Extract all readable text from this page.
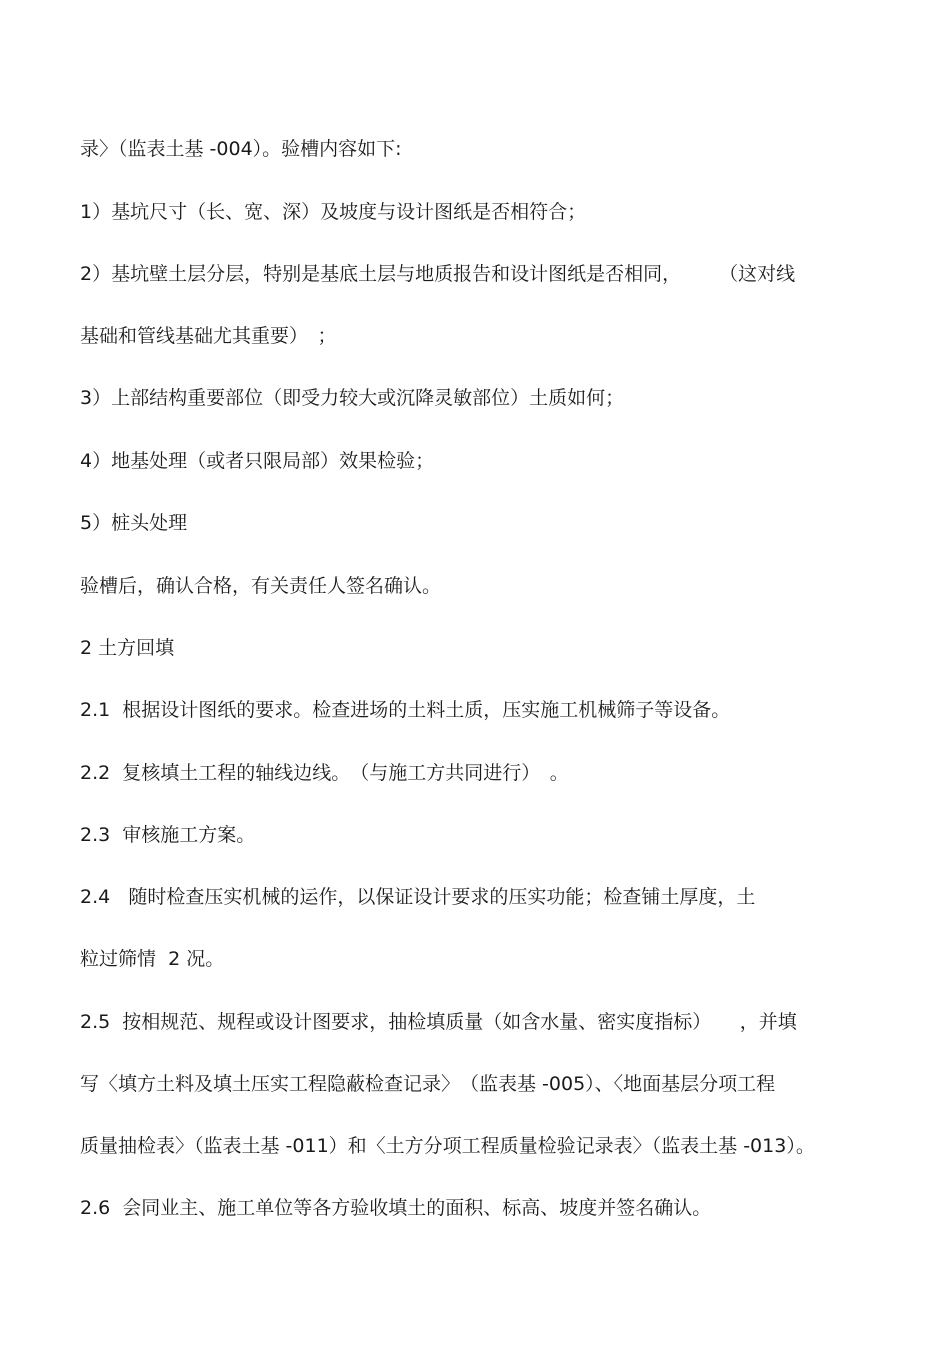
录〉（监表土基 -004）。验槽内容如下:
1）基坑尺寸（长、宽、深）及坡度与设计图纸是否相符合；
2）基坑壁土层分层，特别是基底土层与地质报告和设计图纸是否相同，　　　（这对线
基础和管线基础尤其重要）　；
3）上部结构重要部位（即受力较大或沉降灵敏部位）土质如何；
4）地基处理（或者只限局部）效果检验；
5）桩头处理
验槽后，确认合格，有关责任人签名确认。
2 土方回填
2.1  根据设计图纸的要求。检查进场的土料土质，压实施工机械筛子等设备。
2.2  复核填土工程的轴线边线。　（与施工方共同进行）　。
2.3  审核施工方案。
2.4   随时检查压实机械的运作，以保证设计要求的压实功能；检查铺土厚度，土
粒过筛情  2 况。
2.5  按相规范、规程或设计图要求，抽检填质量（如含水量、密实度指标）　　，并填
写〈填方土料及填土压实工程隐蔽检查记录〉　（监表基 -005）、〈地面基层分项工程
质量抽检表〉（监表土基 -011）和〈土方分项工程质量检验记录表〉（监表土基 -013）。
2.6  会同业主、施工单位等各方验收填土的面积、标高、坡度并签名确认。
